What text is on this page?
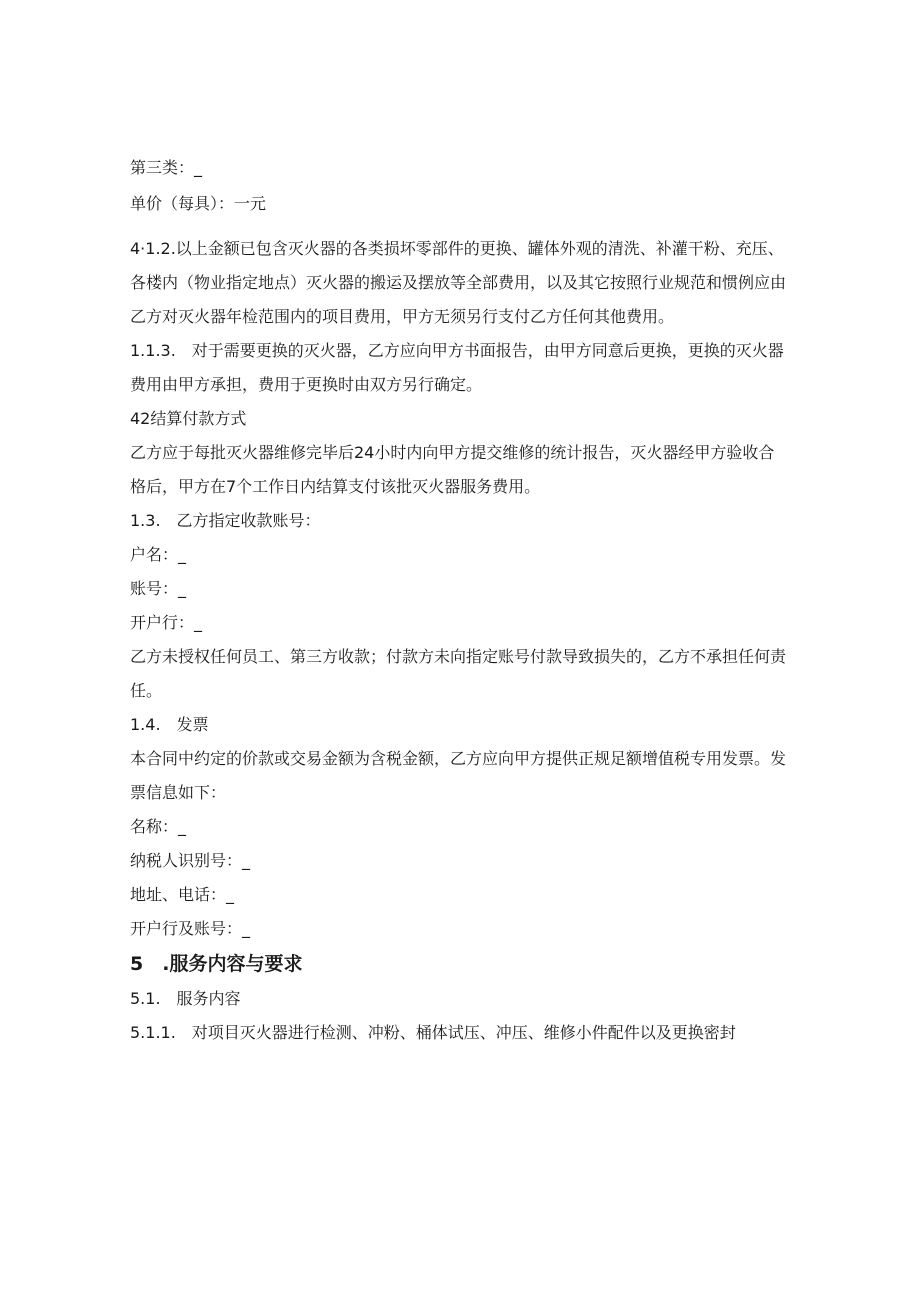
第三类：_
单价（每具）：一元
4·1.2.以上金额已包含灭火器的各类损坏零部件的更换、罐体外观的清洗、补灌干粉、充压、各楼内（物业指定地点）灭火器的搬运及摆放等全部费用，以及其它按照行业规范和惯例应由乙方对灭火器年检范围内的项目费用，甲方无须另行支付乙方任何其他费用。
1.1.3.　对于需要更换的灭火器，乙方应向甲方书面报告，由甲方同意后更换，更换的灭火器费用由甲方承担，费用于更换时由双方另行确定。
42结算付款方式
乙方应于每批灭火器维修完毕后24小时内向甲方提交维修的统计报告，灭火器经甲方验收合格后，甲方在7个工作日内结算支付该批灭火器服务费用。
1.3.　乙方指定收款账号：
户名：_
账号：_
开户行：_
乙方未授权任何员工、第三方收款；付款方未向指定账号付款导致损失的，乙方不承担任何责任。
1.4.　发票
本合同中约定的价款或交易金额为含税金额，乙方应向甲方提供正规足额增值税专用发票。发票信息如下：
名称：_
纳税人识别号：_
地址、电话：_
开户行及账号：_
5　.服务内容与要求
5.1.　服务内容
5.1.1.　对项目灭火器进行检测、冲粉、桶体试压、冲压、维修小件配件以及更换密封
